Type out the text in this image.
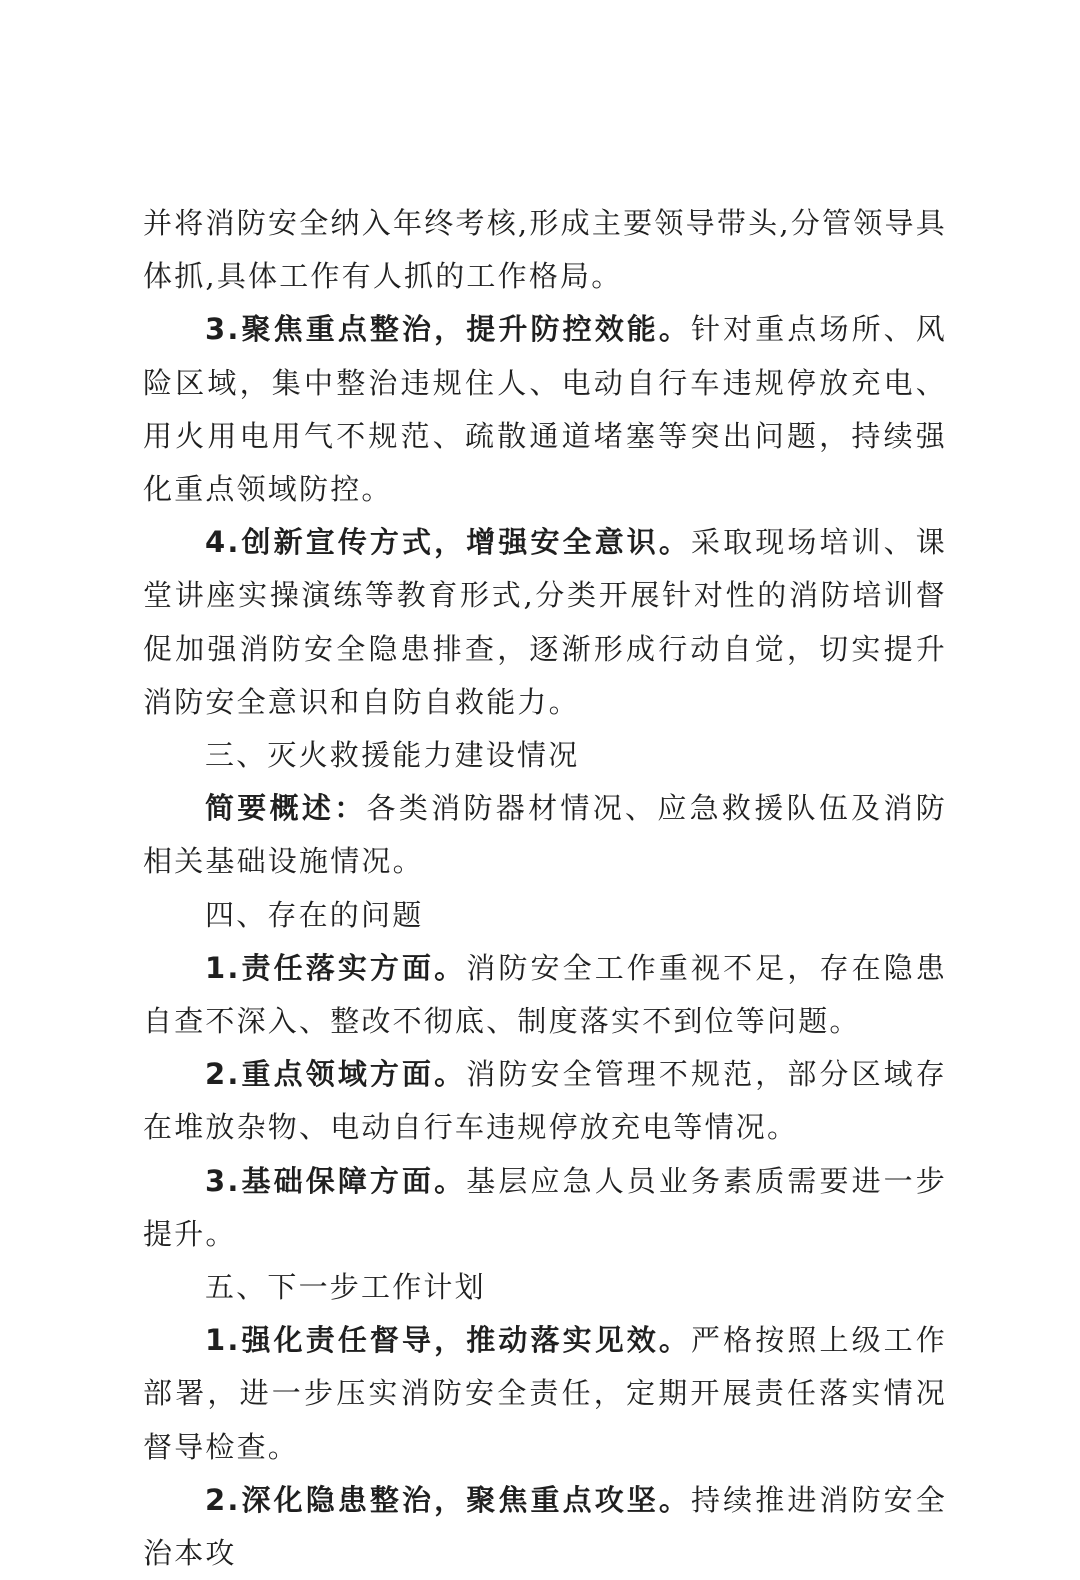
并将消防安全纳入年终考核,形成主要领导带头,分管领导具体抓,具体工作有人抓的工作格局。

3.聚焦重点整治，提升防控效能。针对重点场所、风险区域，集中整治违规住人、电动自行车违规停放充电、用火用电用气不规范、疏散通道堵塞等突出问题，持续强化重点领域防控。

4.创新宣传方式，增强安全意识。采取现场培训、课堂讲座实操演练等教育形式,分类开展针对性的消防培训督促加强消防安全隐患排查，逐渐形成行动自觉，切实提升消防安全意识和自防自救能力。

三、灭火救援能力建设情况

简要概述：各类消防器材情况、应急救援队伍及消防相关基础设施情况。

四、存在的问题

1.责任落实方面。消防安全工作重视不足，存在隐患自查不深入、整改不彻底、制度落实不到位等问题。

2.重点领域方面。消防安全管理不规范，部分区域存在堆放杂物、电动自行车违规停放充电等情况。

3.基础保障方面。基层应急人员业务素质需要进一步提升。

五、下一步工作计划

1.强化责任督导，推动落实见效。严格按照上级工作部署，进一步压实消防安全责任，定期开展责任落实情况督导检查。

2.深化隐患整治，聚焦重点攻坚。持续推进消防安全治本攻
